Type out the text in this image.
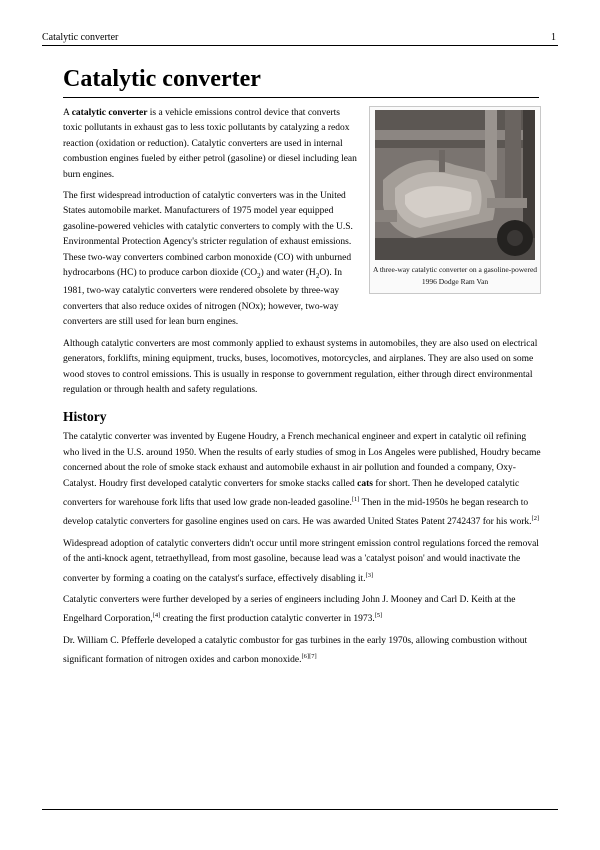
Catalytic converter	1
Catalytic converter
A three-way catalytic converter on a gasoline-powered 1996 Dodge Ram Van

A catalytic converter is a vehicle emissions control device that converts toxic pollutants in exhaust gas to less toxic pollutants by catalyzing a redox reaction (oxidation or reduction). Catalytic converters are used in internal combustion engines fueled by either petrol (gasoline) or diesel including lean burn engines.

The first widespread introduction of catalytic converters was in the United States automobile market. Manufacturers of 1975 model year equipped gasoline-powered vehicles with catalytic converters to comply with the U.S. Environmental Protection Agency's stricter regulation of exhaust emissions. These two-way converters combined carbon monoxide (CO) with unburned hydrocarbons (HC) to produce carbon dioxide $(CO_2)$ and water $(H_2O)$. In 1981, two-way catalytic converters were rendered obsolete by three-way converters that also reduce oxides of nitrogen (NOx); however, two-way converters are still used for lean burn engines.

Although catalytic converters are most commonly applied to exhaust systems in automobiles, they are also used on electrical generators, forklifts, mining equipment, trucks, buses, locomotives, motorcycles, and airplanes. They are also used on some wood stoves to control emissions. This is usually in response to government regulation, either through direct environmental regulation or through health and safety regulations.

History

The catalytic converter was invented by Eugene Houdry, a French mechanical engineer and expert in catalytic oil refining who lived in the U.S. around 1950. When the results of early studies of smog in Los Angeles were published, Houdry became concerned about the role of smoke stack exhaust and automobile exhaust in air pollution and founded a company, Oxy-Catalyst. Houdry first developed catalytic converters for smoke stacks called cats for short. Then he developed catalytic converters for warehouse fork lifts that used low grade non-leaded gasoline.[1] Then in the mid-1950s he began research to develop catalytic converters for gasoline engines used on cars. He was awarded United States Patent 2742437 for his work.[2]

Widespread adoption of catalytic converters didn't occur until more stringent emission control regulations forced the removal of the anti-knock agent, tetraethyllead, from most gasoline, because lead was a 'catalyst poison' and would inactivate the converter by forming a coating on the catalyst's surface, effectively disabling it.[3]

Catalytic converters were further developed by a series of engineers including John J. Mooney and Carl D. Keith at the Engelhard Corporation,[4] creating the first production catalytic converter in 1973.[5]

Dr. William C. Pfefferle developed a catalytic combustor for gas turbines in the early 1970s, allowing combustion without significant formation of nitrogen oxides and carbon monoxide.[6][7]
